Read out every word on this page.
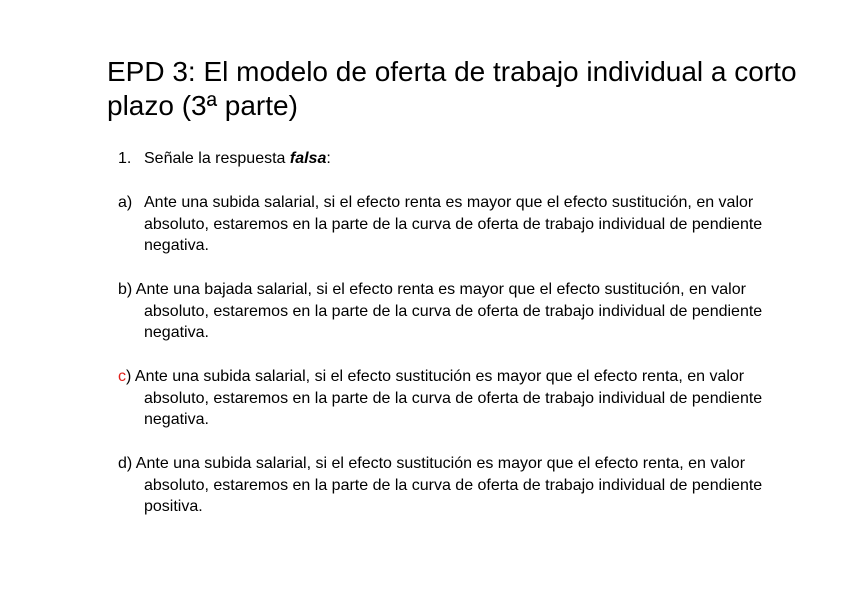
EPD 3: El modelo de oferta de trabajo individual a corto plazo (3ª parte)

1. Señale la respuesta falsa:

a) Ante una subida salarial, si el efecto renta es mayor que el efecto sustitución, en valor absoluto, estaremos en la parte de la curva de oferta de trabajo individual de pendiente negativa.

b) Ante una bajada salarial, si el efecto renta es mayor que el efecto sustitución, en valor absoluto, estaremos en la parte de la curva de oferta de trabajo individual de pendiente negativa.

c) Ante una subida salarial, si el efecto sustitución es mayor que el efecto renta, en valor absoluto, estaremos en la parte de la curva de oferta de trabajo individual de pendiente negativa.

d) Ante una subida salarial, si el efecto sustitución es mayor que el efecto renta, en valor absoluto, estaremos en la parte de la curva de oferta de trabajo individual de pendiente positiva.
